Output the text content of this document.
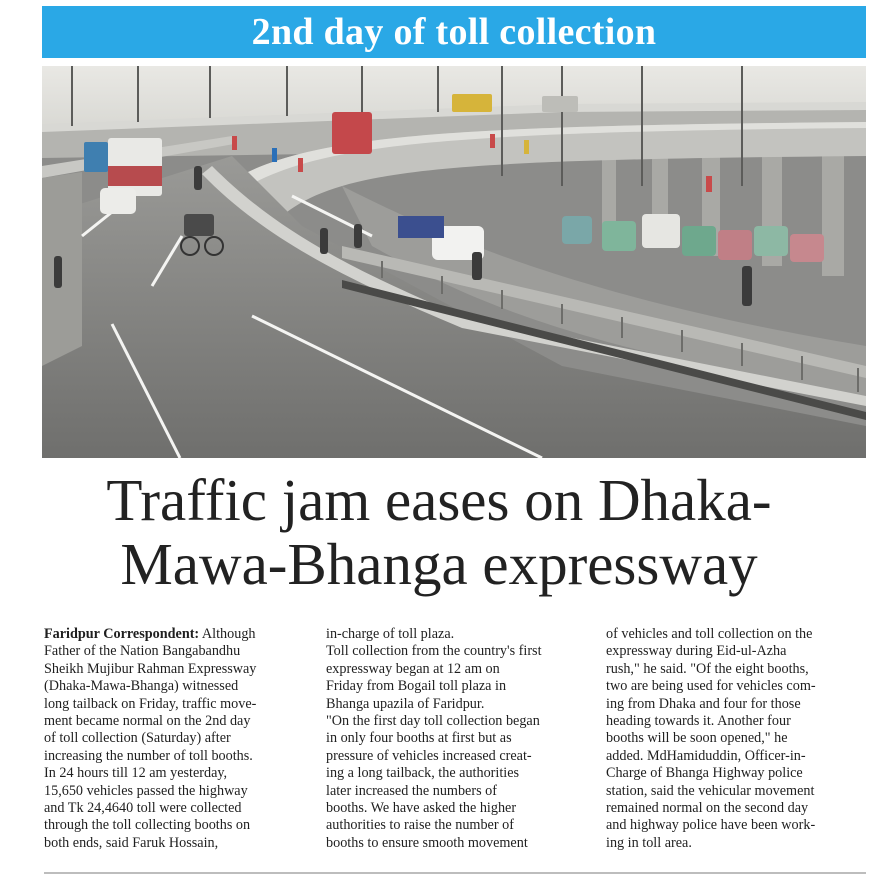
2nd day of toll collection
Traffic jam eases on Dhaka-
Mawa-Bhanga expressway
Faridpur Correspondent: Although
Father of the Nation Bangabandhu
Sheikh Mujibur Rahman Expressway
(Dhaka-Mawa-Bhanga) witnessed
long tailback on Friday, traffic move-
ment became normal on the 2nd day
of toll collection (Saturday) after
increasing the number of toll booths.
In 24 hours till 12 am yesterday,
15,650 vehicles passed the highway
and Tk 24,4640 toll were collected
through the toll collecting booths on
both ends, said Faruk Hossain,
in-charge of toll plaza.
Toll collection from the country's first
expressway began at 12 am on
Friday from Bogail toll plaza in
Bhanga upazila of Faridpur.
"On the first day toll collection began
in only four booths at first but as
pressure of vehicles increased creat-
ing a long tailback, the authorities
later increased the numbers of
booths. We have asked the higher
authorities to raise the number of
booths to ensure smooth movement
of vehicles and toll collection on the
expressway during Eid-ul-Azha
rush," he said. "Of the eight booths,
two are being used for vehicles com-
ing from Dhaka and four for those
heading towards it. Another four
booths will be soon opened," he
added. MdHamiduddin, Officer-in-
Charge of Bhanga Highway police
station, said the vehicular movement
remained normal on the second day
and highway police have been work-
ing in toll area.
